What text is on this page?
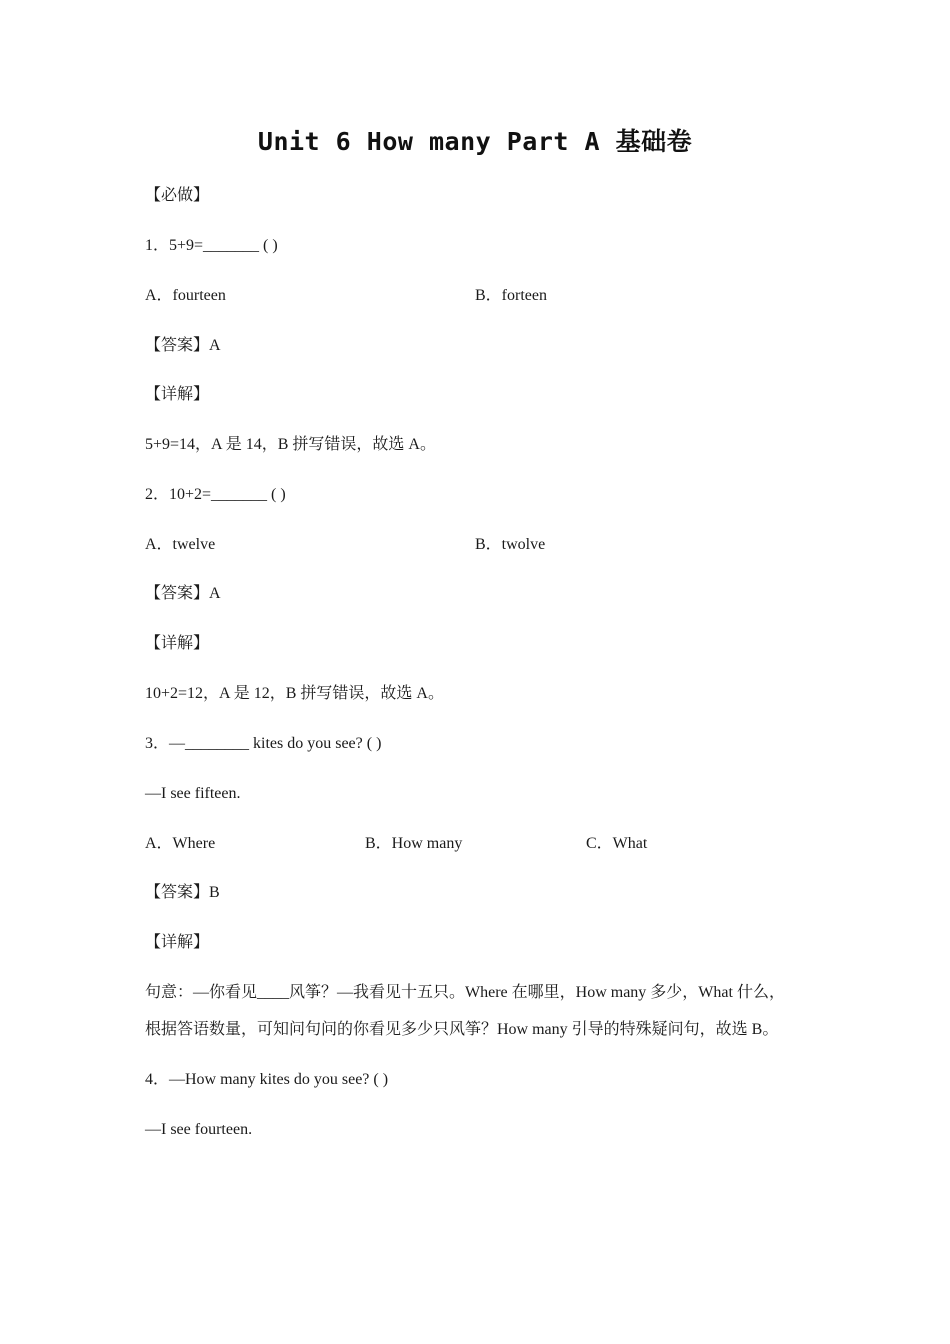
Unit 6 How many Part A 基础卷
【必做】
1．5+9=_______ ( )
A．fourteen	B．forteen
【答案】A
【详解】
5+9=14，A 是 14，B 拼写错误，故选 A。
2．10+2=_______ ( )
A．twelve	B．twolve
【答案】A
【详解】
10+2=12，A 是 12，B 拼写错误，故选 A。
3．—________ kites do you see? ( )
—I see fifteen.
A．Where	B．How many	C．What
【答案】B
【详解】
句意：—你看见____风筝？—我看见十五只。Where 在哪里，How many 多少，What 什么，
根据答语数量，可知问句问的你看见多少只风筝？How many 引导的特殊疑问句，故选 B。
4．—How many kites do you see? ( )
—I see fourteen.
